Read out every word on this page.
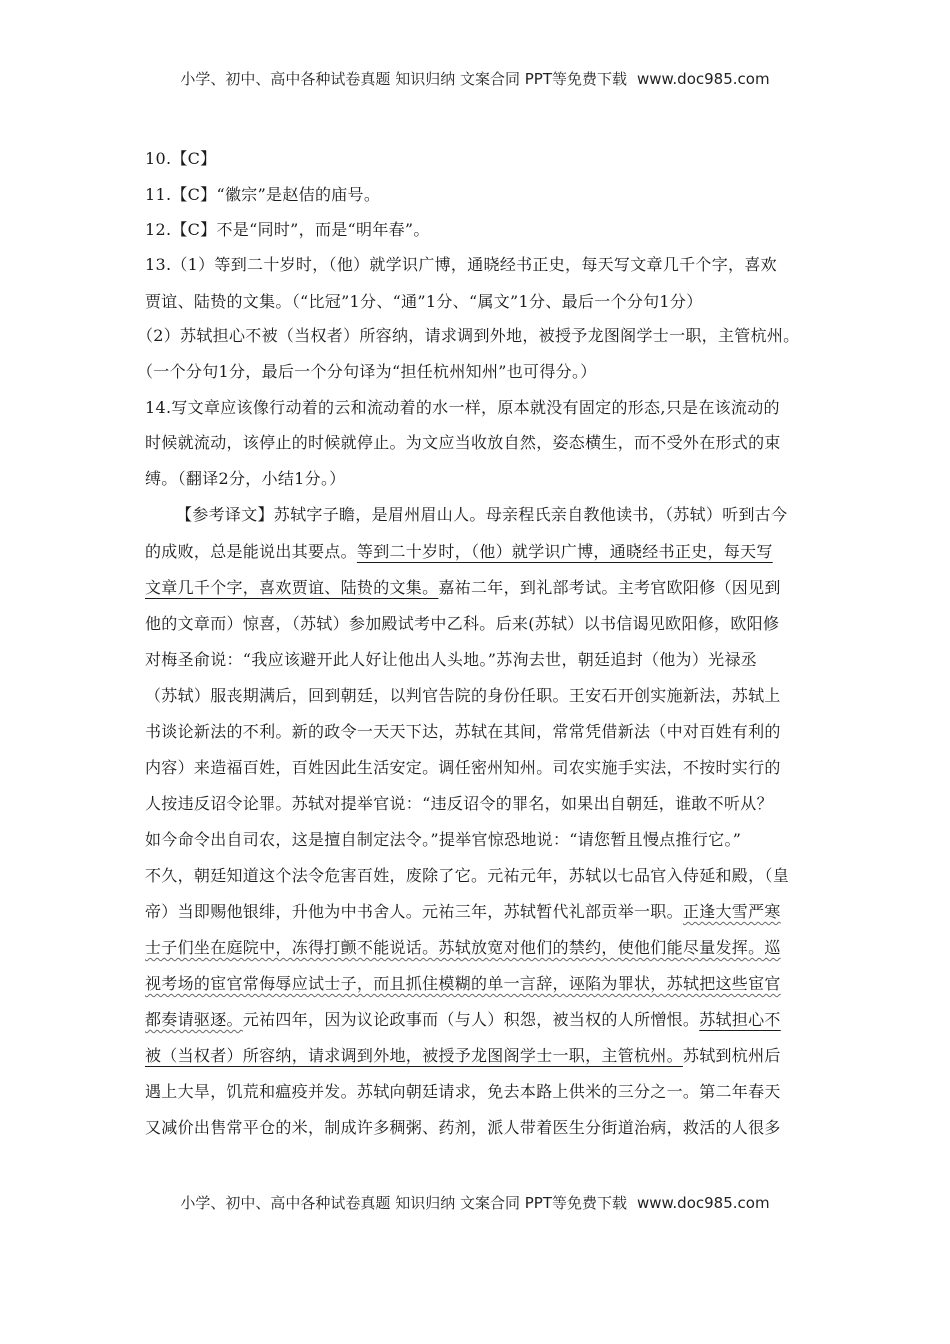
小学、初中、高中各种试卷真题 知识归纳 文案合同 PPT等免费下载 www.doc985.com
10.【C】
11.【C】“徽宗”是赵佶的庙号。
12.【C】不是“同时”，而是“明年春”。
13.（1）等到二十岁时，（他）就学识广博，通晓经书正史，每天写文章几千个字，喜欢
贾谊、陆贽的文集。（“比冠”1分、“通”1分、“属文”1分、最后一个分句1分）
（2）苏轼担心不被（当权者）所容纳，请求调到外地，被授予龙图阁学士一职，主管杭州。
（一个分句1分，最后一个分句译为“担任杭州知州”也可得分。）
14.写文章应该像行动着的云和流动着的水一样，原本就没有固定的形态,只是在该流动的
时候就流动，该停止的时候就停止。为文应当收放自然，姿态横生，而不受外在形式的束
缚。（翻译2分，小结1分。）
【参考译文】苏轼字子瞻，是眉州眉山人。母亲程氏亲自教他读书，（苏轼）听到古今
的成败，总是能说出其要点。等到二十岁时，（他）就学识广博，通晓经书正史，每天写
文章几千个字，喜欢贾谊、陆贽的文集。嘉祐二年，到礼部考试。主考官欧阳修（因见到
他的文章而）惊喜，（苏轼）参加殿试考中乙科。后来(苏轼）以书信谒见欧阳修，欧阳修
对梅圣俞说：“我应该避开此人好让他出人头地。”苏洵去世，朝廷追封（他为）光禄丞
（苏轼）服丧期满后，回到朝廷，以判官告院的身份任职。王安石开创实施新法，苏轼上
书谈论新法的不利。新的政令一天天下达，苏轼在其间，常常凭借新法（中对百姓有利的
内容）来造福百姓，百姓因此生活安定。调任密州知州。司农实施手实法，不按时实行的
人按违反诏令论罪。苏轼对提举官说：“违反诏令的罪名，如果出自朝廷，谁敢不听从？
如今命令出自司农，这是擅自制定法令。”提举官惊恐地说：“请您暂且慢点推行它。”
不久，朝廷知道这个法令危害百姓，废除了它。元祐元年，苏轼以七品官入侍延和殿，（皇
帝）当即赐他银绯，升他为中书舍人。元祐三年，苏轼暂代礼部贡举一职。正逢大雪严寒
士子们坐在庭院中，冻得打颤不能说话。苏轼放宽对他们的禁约，使他们能尽量发挥。巡
视考场的宦官常侮辱应试士子，而且抓住模糊的单一言辞，诬陷为罪状，苏轼把这些宦官
都奏请驱逐。元祐四年，因为议论政事而（与人）积怨，被当权的人所憎恨。苏轼担心不
被（当权者）所容纳，请求调到外地，被授予龙图阁学士一职，主管杭州。苏轼到杭州后
遇上大旱，饥荒和瘟疫并发。苏轼向朝廷请求，免去本路上供米的三分之一。第二年春天
又减价出售常平仓的米，制成许多稠粥、药剂，派人带着医生分街道治病，救活的人很多
小学、初中、高中各种试卷真题 知识归纳 文案合同 PPT等免费下载 www.doc985.com
